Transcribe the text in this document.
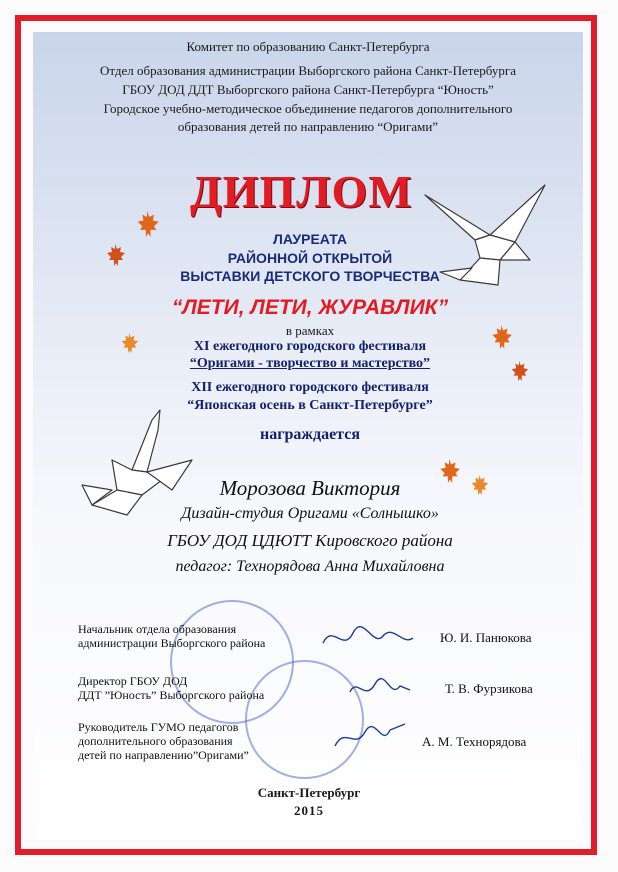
Комитет по образованию Санкт-Петербурга
Отдел образования администрации Выборгского района Санкт-Петербурга
ГБОУ ДОД ДДТ Выборгского района Санкт-Петербурга “Юность”
Городское учебно-методическое объединение педагогов дополнительного
образования детей по направлению “Оригами”
ДИПЛОМ
ЛАУРЕАТА
РАЙОННОЙ ОТКРЫТОЙ
ВЫСТАВКИ ДЕТСКОГО ТВОРЧЕСТВА
“ЛЕТИ, ЛЕТИ, ЖУРАВЛИК”
в рамках
XI ежегодного городского фестиваля
“Оригами - творчество и мастерство”
XII ежегодного городского фестиваля
“Японская осень в Санкт-Петербурге”
награждается
Морозова Виктория
Дизайн-студия Оригами «Солнышко»
ГБОУ ДОД ЦДЮТТ Кировского района
педагог: Технорядова Анна Михайловна
Начальник отдела образования
администрации Выборгского района	Ю. И. Панюкова
Директор ГБОУ ДОД
ДДТ ”Юность” Выборгского района	Т. В. Фурзикова
Руководитель ГУМО педагогов
дополнительного образования
детей по направлению”Оригами”
А. М. Технорядова
Санкт-Петербург
2015
